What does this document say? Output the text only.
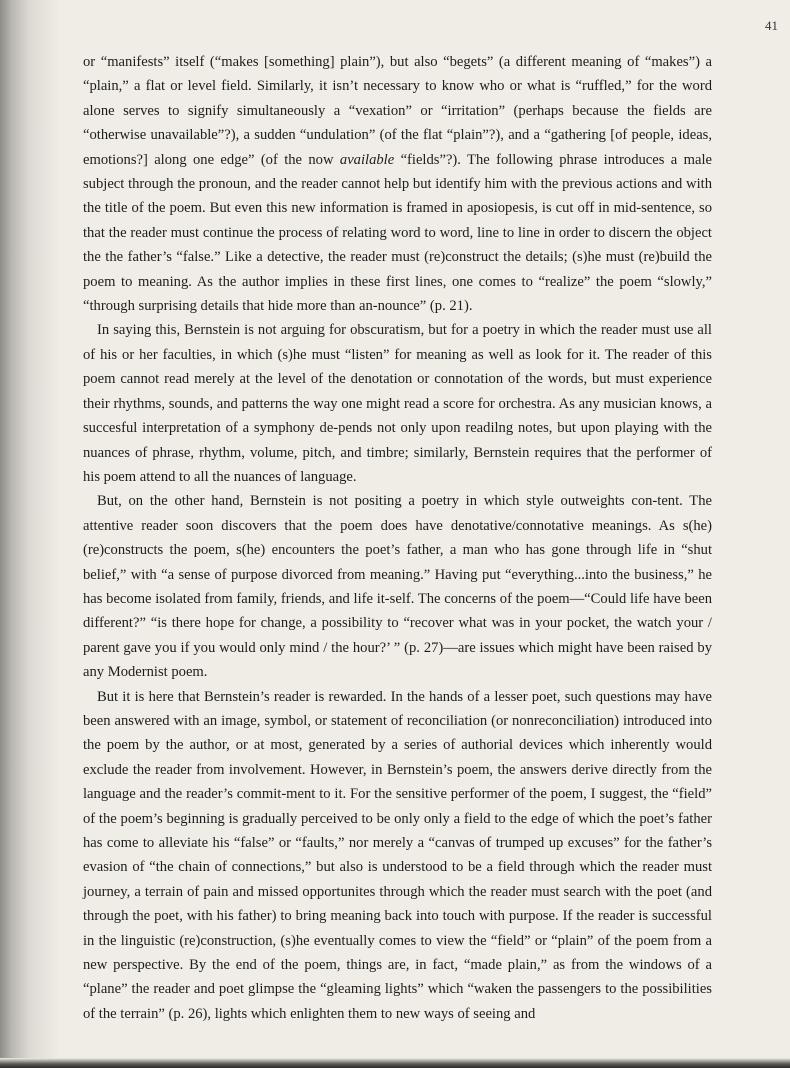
41

or “manifests” itself (“makes [something] plain”), but also “begets” (a different meaning of “makes”) a “plain,” a flat or level field. Similarly, it isn’t necessary to know who or what is “ruffled,” for the word alone serves to signify simultaneously a “vexation” or “irritation” (perhaps because the fields are “otherwise unavailable”?), a sudden “undulation” (of the flat “plain”?), and a “gathering [of people, ideas, emotions?] along one edge” (of the now available “fields”?). The following phrase introduces a male subject through the pronoun, and the reader cannot help but identify him with the previous actions and with the title of the poem. But even this new information is framed in aposiopesis, is cut off in mid-sentence, so that the reader must continue the process of relating word to word, line to line in order to discern the object the the father’s “false.” Like a detective, the reader must (re)construct the details; (s)he must (re)build the poem to meaning. As the author implies in these first lines, one comes to “realize” the poem “slowly,” “through surprising details that hide more than an-nounce” (p. 21).

In saying this, Bernstein is not arguing for obscuratism, but for a poetry in which the reader must use all of his or her faculties, in which (s)he must “listen” for meaning as well as look for it. The reader of this poem cannot read merely at the level of the denotation or connotation of the words, but must experience their rhythms, sounds, and patterns the way one might read a score for orchestra. As any musician knows, a succesful interpretation of a symphony de-pends not only upon readilng notes, but upon playing with the nuances of phrase, rhythm, volume, pitch, and timbre; similarly, Bernstein requires that the performer of his poem attend to all the nuances of language.

But, on the other hand, Bernstein is not positing a poetry in which style outweights con-tent. The attentive reader soon discovers that the poem does have denotative/connotative meanings. As s(he) (re)constructs the poem, s(he) encounters the poet’s father, a man who has gone through life in “shut belief,” with “a sense of purpose divorced from meaning.” Having put “everything...into the business,” he has become isolated from family, friends, and life it-self. The concerns of the poem—“Could life have been different?” “is there hope for change, a possibility to “recover what was in your pocket, the watch your / parent gave you if you would only mind / the hour?’ ” (p. 27)—are issues which might have been raised by any Modernist poem.

But it is here that Bernstein’s reader is rewarded. In the hands of a lesser poet, such questions may have been answered with an image, symbol, or statement of reconciliation (or nonreconciliation) introduced into the poem by the author, or at most, generated by a series of authorial devices which inherently would exclude the reader from involvement. However, in Bernstein’s poem, the answers derive directly from the language and the reader’s commit-ment to it. For the sensitive performer of the poem, I suggest, the “field” of the poem’s beginning is gradually perceived to be only only a field to the edge of which the poet’s father has come to alleviate his “false” or “faults,” nor merely a “canvas of trumped up excuses” for the father’s evasion of “the chain of connections,” but also is understood to be a field through which the reader must journey, a terrain of pain and missed opportunites through which the reader must search with the poet (and through the poet, with his father) to bring meaning back into touch with purpose. If the reader is successful in the linguistic (re)construction, (s)he eventually comes to view the “field” or “plain” of the poem from a new perspective. By the end of the poem, things are, in fact, “made plain,” as from the windows of a “plane” the reader and poet glimpse the “gleaming lights” which “waken the passengers to the possibilities of the terrain” (p. 26), lights which enlighten them to new ways of seeing and
